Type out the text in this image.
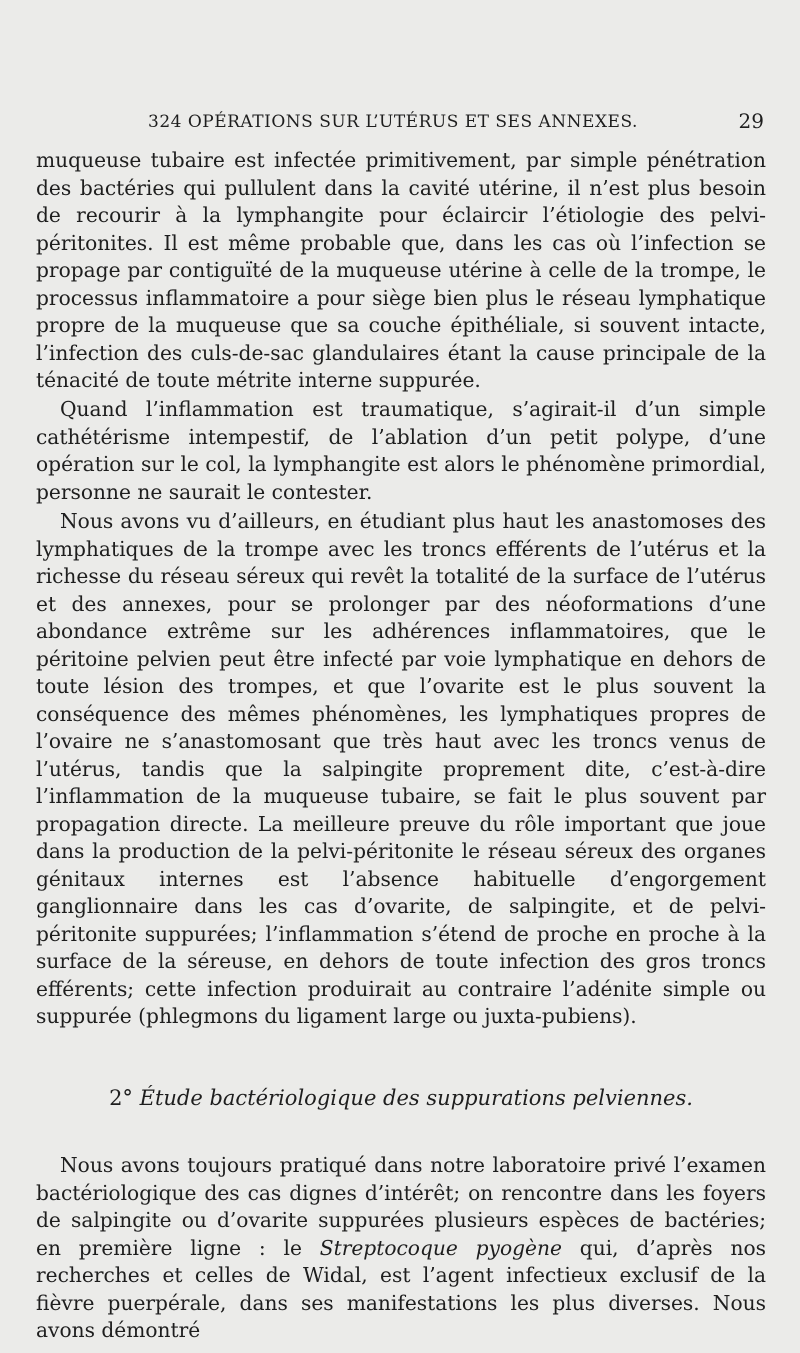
324 OPÉRATIONS SUR L’UTÉRUS ET SES ANNEXES.	29

muqueuse tubaire est infectée primitivement, par simple pénétration des bactéries qui pullulent dans la cavité utérine, il n’est plus besoin de recourir à la lymphangite pour éclaircir l’étiologie des pelvi-péritonites. Il est même probable que, dans les cas où l’infection se propage par contiguïté de la muqueuse utérine à celle de la trompe, le processus inflammatoire a pour siège bien plus le réseau lymphatique propre de la muqueuse que sa couche épithéliale, si souvent intacte, l’infection des culs-de-sac glandulaires étant la cause principale de la ténacité de toute métrite interne suppurée.

Quand l’inflammation est traumatique, s’agirait-il d’un simple cathétérisme intempestif, de l’ablation d’un petit polype, d’une opération sur le col, la lymphangite est alors le phénomène primordial, personne ne saurait le contester.

Nous avons vu d’ailleurs, en étudiant plus haut les anastomoses des lymphatiques de la trompe avec les troncs efférents de l’utérus et la richesse du réseau séreux qui revêt la totalité de la surface de l’utérus et des annexes, pour se prolonger par des néoformations d’une abondance extrême sur les adhérences inflammatoires, que le péritoine pelvien peut être infecté par voie lymphatique en dehors de toute lésion des trompes, et que l’ovarite est le plus souvent la conséquence des mêmes phénomènes, les lymphatiques propres de l’ovaire ne s’anastomosant que très haut avec les troncs venus de l’utérus, tandis que la salpingite proprement dite, c’est-à-dire l’inflammation de la muqueuse tubaire, se fait le plus souvent par propagation directe. La meilleure preuve du rôle important que joue dans la production de la pelvi-péritonite le réseau séreux des organes génitaux internes est l’absence habituelle d’engorgement ganglionnaire dans les cas d’ovarite, de salpingite, et de pelvi-péritonite suppurées; l’inflammation s’étend de proche en proche à la surface de la séreuse, en dehors de toute infection des gros troncs efférents; cette infection produirait au contraire l’adénite simple ou suppurée (phlegmons du ligament large ou juxta-pubiens).

2° Étude bactériologique des suppurations pelviennes.

Nous avons toujours pratiqué dans notre laboratoire privé l’examen bactériologique des cas dignes d’intérêt; on rencontre dans les foyers de salpingite ou d’ovarite suppurées plusieurs espèces de bactéries; en première ligne : le Streptocoque pyogène qui, d’après nos recherches et celles de Widal, est l’agent infectieux exclusif de la fièvre puerpérale, dans ses manifestations les plus diverses. Nous avons démontré
